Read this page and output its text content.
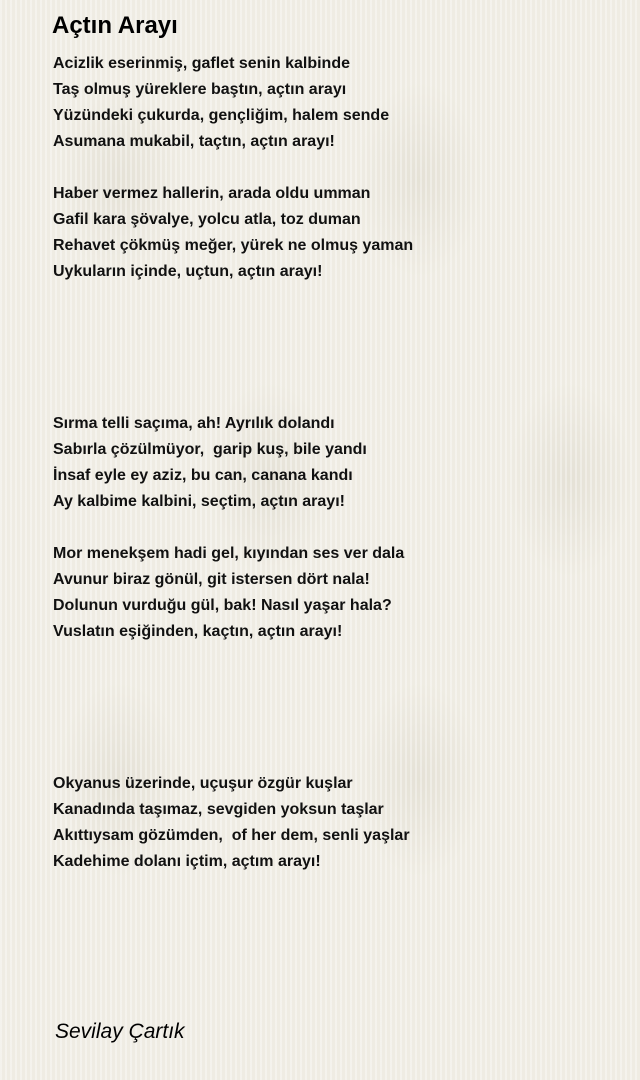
Açtın Arayı
Acizlik eserinmiş, gaflet senin kalbinde
Taş olmuş yüreklere baştın, açtın arayı
Yüzündeki çukurda, gençliğim, halem sende
Asumana mukabil, taçtın, açtın arayı!
Haber vermez hallerin, arada oldu umman
Gafil kara şövalye, yolcu atla, toz duman
Rehavet çökmüş meğer, yürek ne olmuş yaman
Uykuların içinde, uçtun, açtın arayı!
Sırma telli saçıma, ah! Ayrılık dolandı
Sabırla çözülmüyor,  garip kuş, bile yandı
İnsaf eyle ey aziz, bu can, canana kandı
Ay kalbime kalbini, seçtim, açtın arayı!
Mor menekşem hadi gel, kıyından ses ver dala
Avunur biraz gönül, git istersen dört nala!
Dolunun vurduğu gül, bak! Nasıl yaşar hala?
Vuslatın eşiğinden, kaçtın, açtın arayı!
Okyanus üzerinde, uçuşur özgür kuşlar
Kanadında taşımaz, sevgiden yoksun taşlar
Akıttıysam gözümden,  of her dem, senli yaşlar
Kadehime dolanı içtim, açtım arayı!
Sevilay Çartık
